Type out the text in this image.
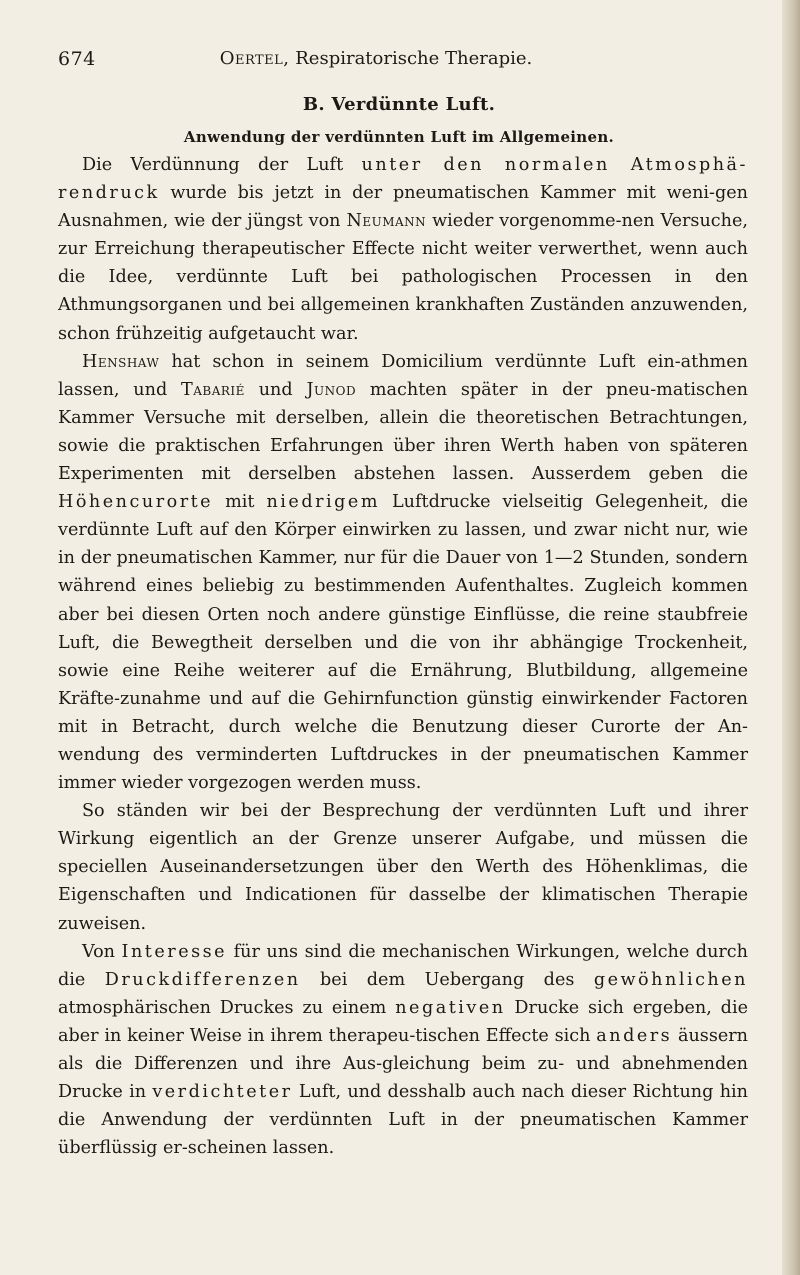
674	Oertel, Respiratorische Therapie.
B. Verdünnte Luft.
Anwendung der verdünnten Luft im Allgemeinen.

Die Verdünnung der Luft unter den normalen Atmosphä-rendruck wurde bis jetzt in der pneumatischen Kammer mit weni-gen Ausnahmen, wie der jüngst von Neumann wieder vorgenomme-nen Versuche, zur Erreichung therapeutischer Effecte nicht weiter verwerthet, wenn auch die Idee, verdünnte Luft bei pathologischen Processen in den Athmungsorganen und bei allgemeinen krankhaften Zuständen anzuwenden, schon frühzeitig aufgetaucht war.

Henshaw hat schon in seinem Domicilium verdünnte Luft ein-athmen lassen, und Tabarié und Junod machten später in der pneu-matischen Kammer Versuche mit derselben, allein die theoretischen Betrachtungen, sowie die praktischen Erfahrungen über ihren Werth haben von späteren Experimenten mit derselben abstehen lassen. Ausserdem geben die Höhencurorte mit niedrigem Luftdrucke vielseitig Gelegenheit, die verdünnte Luft auf den Körper einwirken zu lassen, und zwar nicht nur, wie in der pneumatischen Kammer, nur für die Dauer von 1—2 Stunden, sondern während eines beliebig zu bestimmenden Aufenthaltes. Zugleich kommen aber bei diesen Orten noch andere günstige Einflüsse, die reine staubfreie Luft, die Bewegtheit derselben und die von ihr abhängige Trockenheit, sowie eine Reihe weiterer auf die Ernährung, Blutbildung, allgemeine Kräfte-zunahme und auf die Gehirnfunction günstig einwirkender Factoren mit in Betracht, durch welche die Benutzung dieser Curorte der An-wendung des verminderten Luftdruckes in der pneumatischen Kammer immer wieder vorgezogen werden muss.

So ständen wir bei der Besprechung der verdünnten Luft und ihrer Wirkung eigentlich an der Grenze unserer Aufgabe, und müssen die speciellen Auseinandersetzungen über den Werth des Höhenklimas, die Eigenschaften und Indicationen für dasselbe der klimatischen Therapie zuweisen.

Von Interesse für uns sind die mechanischen Wirkungen, welche durch die Druckdifferenzen bei dem Uebergang des gewöhnlichen atmosphärischen Druckes zu einem negativen Drucke sich ergeben, die aber in keiner Weise in ihrem therapeu-tischen Effecte sich anders äussern als die Differenzen und ihre Aus-gleichung beim zu- und abnehmenden Drucke in verdichteter Luft, und desshalb auch nach dieser Richtung hin die Anwendung der verdünnten Luft in der pneumatischen Kammer überflüssig er-scheinen lassen.
